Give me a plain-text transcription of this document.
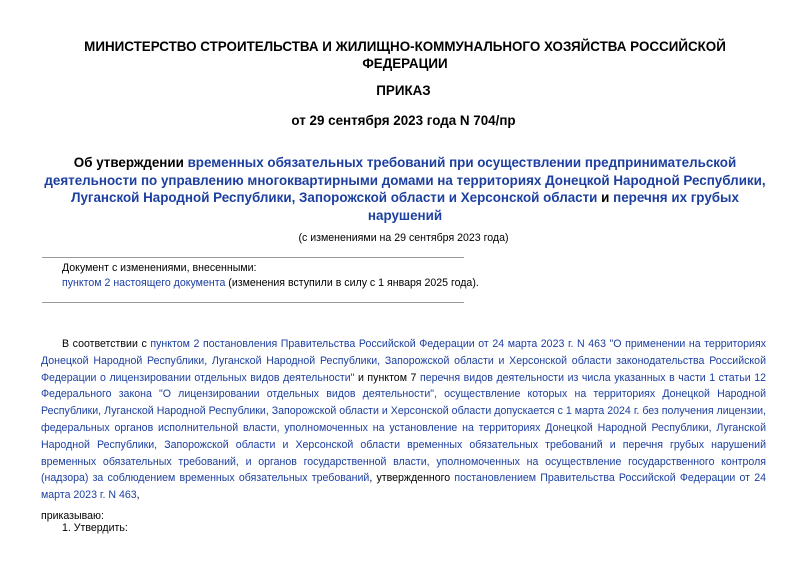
МИНИСТЕРСТВО СТРОИТЕЛЬСТВА И ЖИЛИЩНО-КОММУНАЛЬНОГО ХОЗЯЙСТВА РОССИЙСКОЙ ФЕДЕРАЦИИ
ПРИКАЗ
от 29 сентября 2023 года N 704/пр
Об утверждении временных обязательных требований при осуществлении предпринимательской деятельности по управлению многоквартирными домами на территориях Донецкой Народной Республики, Луганской Народной Республики, Запорожской области и Херсонской области и перечня их грубых нарушений
(с изменениями на 29 сентября 2023 года)
Документ с изменениями, внесенными:
пунктом 2 настоящего документа (изменения вступили в силу с 1 января 2025 года).
В соответствии с пунктом 2 постановления Правительства Российской Федерации от 24 марта 2023 г. N 463 "О применении на территориях Донецкой Народной Республики, Луганской Народной Республики, Запорожской области и Херсонской области законодательства Российской Федерации о лицензировании отдельных видов деятельности" и пунктом 7 перечня видов деятельности из числа указанных в части 1 статьи 12 Федерального закона "О лицензировании отдельных видов деятельности", осуществление которых на территориях Донецкой Народной Республики, Луганской Народной Республики, Запорожской области и Херсонской области допускается с 1 марта 2024 г. без получения лицензии, федеральных органов исполнительной власти, уполномоченных на установление на территориях Донецкой Народной Республики, Луганской Народной Республики, Запорожской области и Херсонской области временных обязательных требований и перечня грубых нарушений временных обязательных требований, и органов государственной власти, уполномоченных на осуществление государственного контроля (надзора) за соблюдением временных обязательных требований, утвержденного постановлением Правительства Российской Федерации от 24 марта 2023 г. N 463,
приказываю:
1. Утвердить:
